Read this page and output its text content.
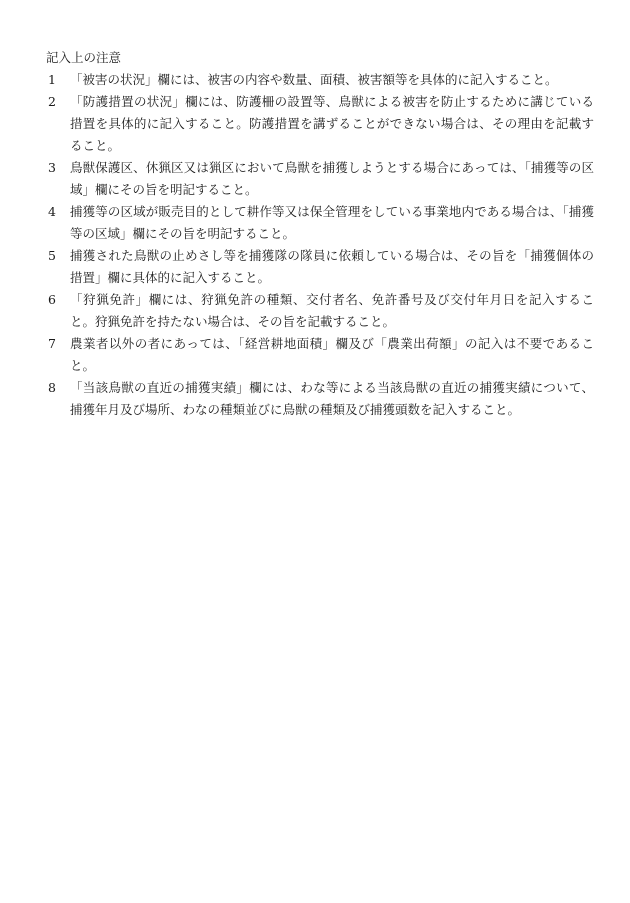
記入上の注意
1	「被害の状況」欄には、被害の内容や数量、面積、被害額等を具体的に記入すること。
2	「防護措置の状況」欄には、防護柵の設置等、鳥獣による被害を防止するために講じている措置を具体的に記入すること。防護措置を講ずることができない場合は、その理由を記載すること。
3	鳥獣保護区、休猟区又は猟区において鳥獣を捕獲しようとする場合にあっては、「捕獲等の区域」欄にその旨を明記すること。
4	捕獲等の区域が販売目的として耕作等又は保全管理をしている事業地内である場合は、「捕獲等の区域」欄にその旨を明記すること。
5	捕獲された鳥獣の止めさし等を捕獲隊の隊員に依頼している場合は、その旨を「捕獲個体の措置」欄に具体的に記入すること。
6	「狩猟免許」欄には、狩猟免許の種類、交付者名、免許番号及び交付年月日を記入すること。狩猟免許を持たない場合は、その旨を記載すること。
7	農業者以外の者にあっては、「経営耕地面積」欄及び「農業出荷額」の記入は不要であること。
8	「当該鳥獣の直近の捕獲実績」欄には、わな等による当該鳥獣の直近の捕獲実績について、捕獲年月及び場所、わなの種類並びに鳥獣の種類及び捕獲頭数を記入すること。
